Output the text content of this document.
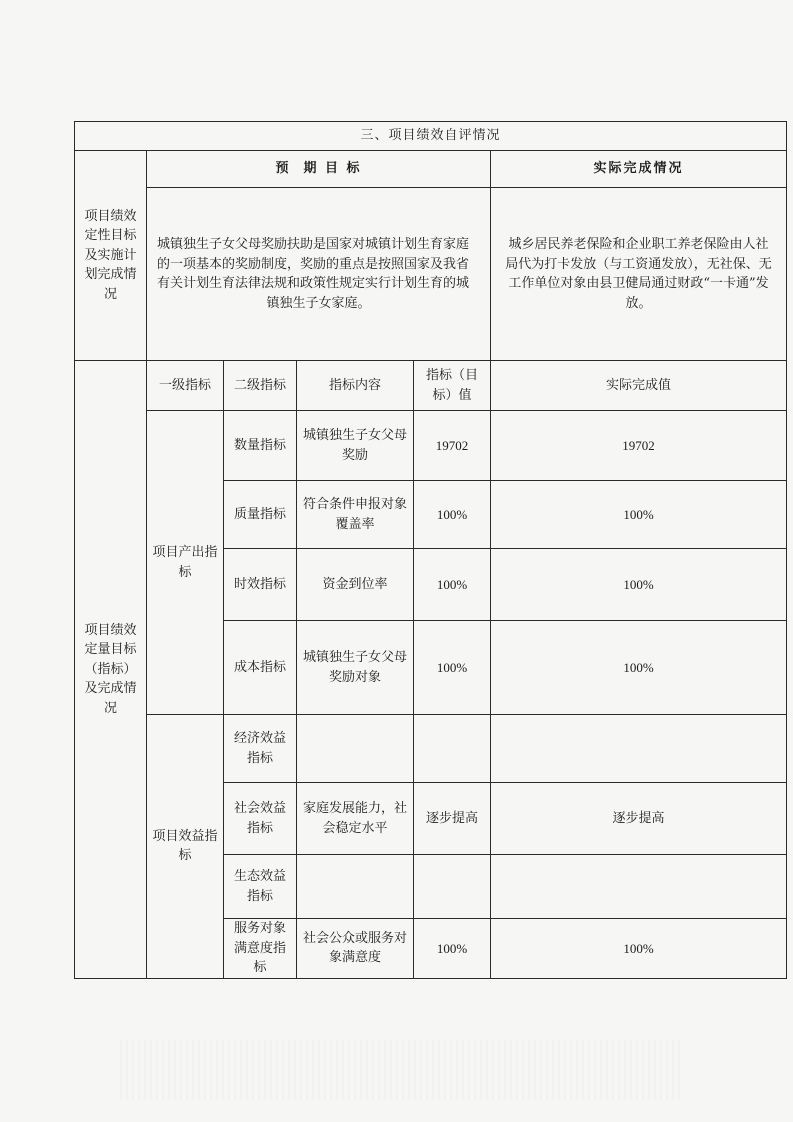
三、项目绩效自评情况					
项目绩效定性目标及实施计划完成情况	预  期 目 标				实际完成情况
	城镇独生子女父母奖励扶助是国家对城镇计划生育家庭的一项基本的奖励制度，奖励的重点是按照国家及我省有关计划生育法律法规和政策性规定实行计划生育的城镇独生子女家庭。				城乡居民养老保险和企业职工养老保险由人社局代为打卡发放（与工资通发放），无社保、无工作单位对象由县卫健局通过财政“一卡通”发放。
项目绩效定量目标（指标）及完成情况	一级指标	二级指标	指标内容	指标（目标）值	实际完成值
	项目产出指标	数量指标	城镇独生子女父母奖励	19702	19702
		质量指标	符合条件申报对象覆盖率	100%	100%
		时效指标	资金到位率	100%	100%
		成本指标	城镇独生子女父母奖励对象	100%	100%
	项目效益指标	经济效益指标			
		社会效益指标	家庭发展能力，社会稳定水平	逐步提高	逐步提高
		生态效益指标			
		服务对象满意度指标	社会公众或服务对象满意度	100%	100%
